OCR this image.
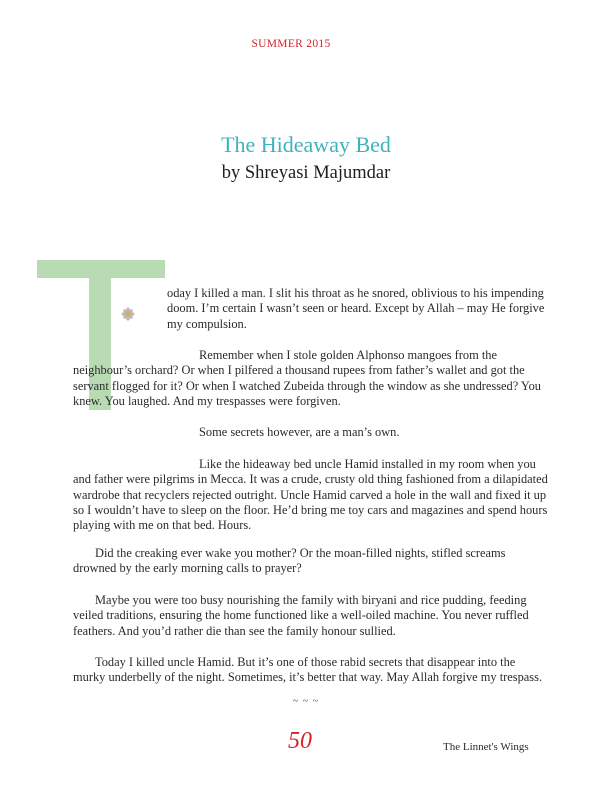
SUMMER 2015
The Hideaway Bed
by Shreyasi Majumdar

oday I killed a man. I slit his throat as he snored, oblivious to his impending doom. I’m certain I wasn’t seen or heard. Except by Allah – may He forgive my compulsion.

Remember when I stole golden Alphonso mangoes from the neighbour’s orchard? Or when I pilfered a thousand rupees from father’s wallet and got the servant flogged for it? Or when I watched Zubeida through the window as she undressed? You knew. You laughed. And my trespasses were forgiven.

Some secrets however, are a man’s own.

Like the hideaway bed uncle Hamid installed in my room when you and father were pilgrims in Mecca. It was a crude, crusty old thing fashioned from a dilapidated wardrobe that recyclers rejected outright. Uncle Hamid carved a hole in the wall and fixed it up so I wouldn’t have to sleep on the floor. He’d bring me toy cars and magazines and spend hours playing with me on that bed. Hours.

Did the creaking ever wake you mother? Or the moan-filled nights, stifled screams drowned by the early morning calls to prayer?

Maybe you were too busy nourishing the family with biryani and rice pudding, feeding veiled traditions, ensuring the home functioned like a well-oiled machine. You never ruffled feathers. And you’d rather die than see the family honour sullied.

Today I killed uncle Hamid. But it’s one of those rabid secrets that disappear into the murky underbelly of the night. Sometimes, it’s better that way. May Allah forgive my trespass.

~ ~ ~
50	The Linnet's Wings
